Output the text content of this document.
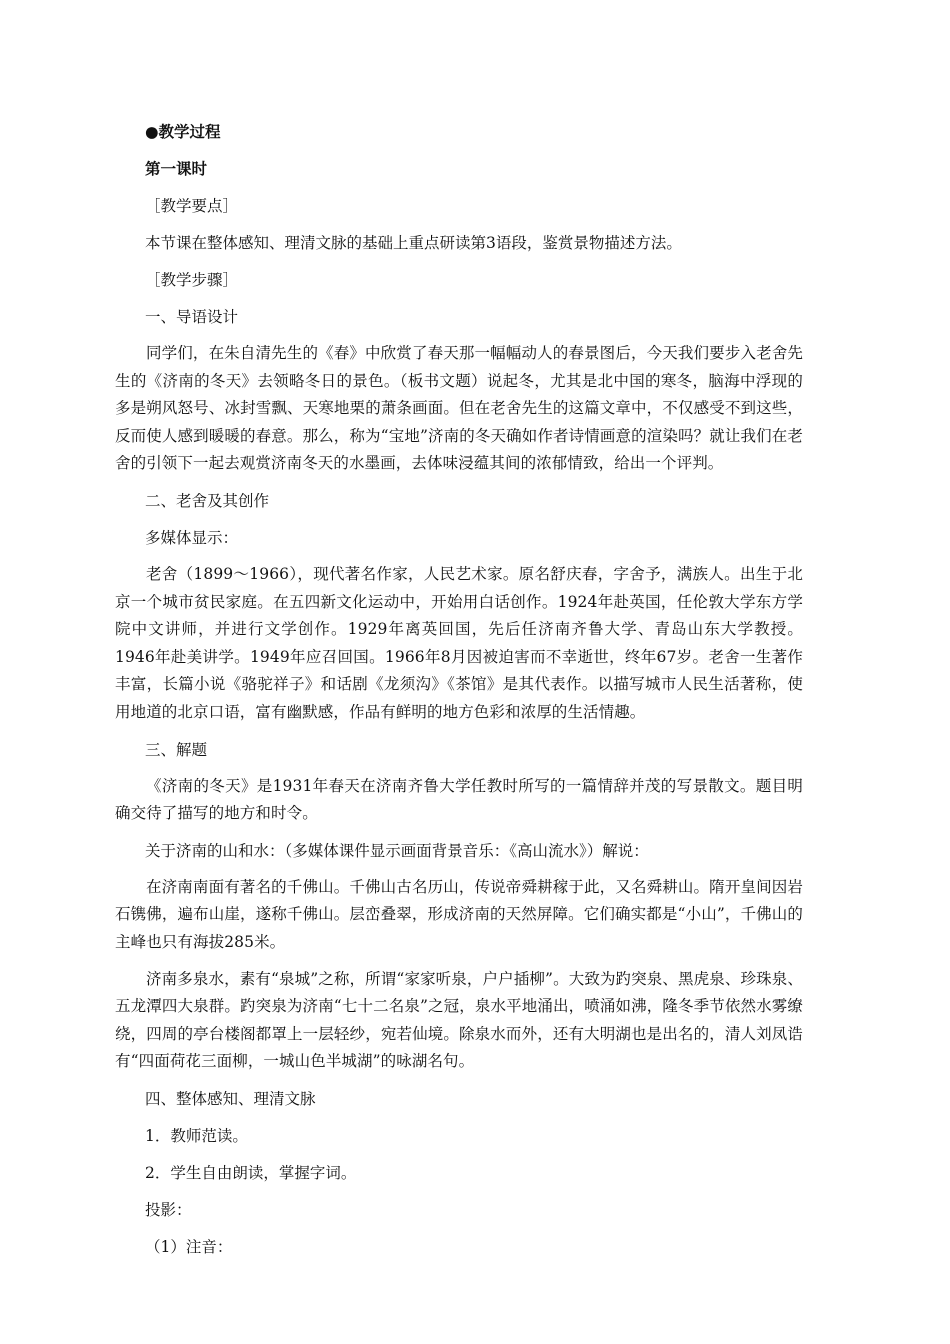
●教学过程
第一课时
［教学要点］
本节课在整体感知、理清文脉的基础上重点研读第3语段，鉴赏景物描述方法。
［教学步骤］
一、导语设计

同学们，在朱自清先生的《春》中欣赏了春天那一幅幅动人的春景图后，今天我们要步入老舍先生的《济南的冬天》去领略冬日的景色。（板书文题）说起冬，尤其是北中国的寒冬，脑海中浮现的多是朔风怒号、冰封雪飘、天寒地栗的萧条画面。但在老舍先生的这篇文章中，不仅感受不到这些，反而使人感到暖暖的春意。那么，称为“宝地”济南的冬天确如作者诗情画意的渲染吗？就让我们在老舍的引领下一起去观赏济南冬天的水墨画，去体味浸蕴其间的浓郁情致，给出一个评判。

二、老舍及其创作
多媒体显示：

老舍（1899～1966），现代著名作家，人民艺术家。原名舒庆春，字舍予，满族人。出生于北京一个城市贫民家庭。在五四新文化运动中，开始用白话创作。1924年赴英国，任伦敦大学东方学院中文讲师，并进行文学创作。1929年离英回国，先后任济南齐鲁大学、青岛山东大学教授。1946年赴美讲学。1949年应召回国。1966年8月因被迫害而不幸逝世，终年67岁。老舍一生著作丰富，长篇小说《骆驼祥子》和话剧《龙须沟》《茶馆》是其代表作。以描写城市人民生活著称，使用地道的北京口语，富有幽默感，作品有鲜明的地方色彩和浓厚的生活情趣。

三、解题

《济南的冬天》是1931年春天在济南齐鲁大学任教时所写的一篇情辞并茂的写景散文。题目明确交待了描写的地方和时令。

关于济南的山和水：（多媒体课件显示画面背景音乐：《高山流水》）解说：

在济南南面有著名的千佛山。千佛山古名历山，传说帝舜耕稼于此，又名舜耕山。隋开皇间因岩石镌佛，遍布山崖，遂称千佛山。层峦叠翠，形成济南的天然屏障。它们确实都是“小山”，千佛山的主峰也只有海拔285米。

济南多泉水，素有“泉城”之称，所谓“家家听泉，户户插柳”。大致为趵突泉、黑虎泉、珍珠泉、五龙潭四大泉群。趵突泉为济南“七十二名泉”之冠，泉水平地涌出，喷涌如沸，隆冬季节依然水雾缭绕，四周的亭台楼阁都罩上一层轻纱，宛若仙境。除泉水而外，还有大明湖也是出名的，清人刘凤诰有“四面荷花三面柳，一城山色半城湖”的咏湖名句。

四、整体感知、理清文脉
1．教师范读。
2．学生自由朗读，掌握字词。
投影：
（1）注音：
